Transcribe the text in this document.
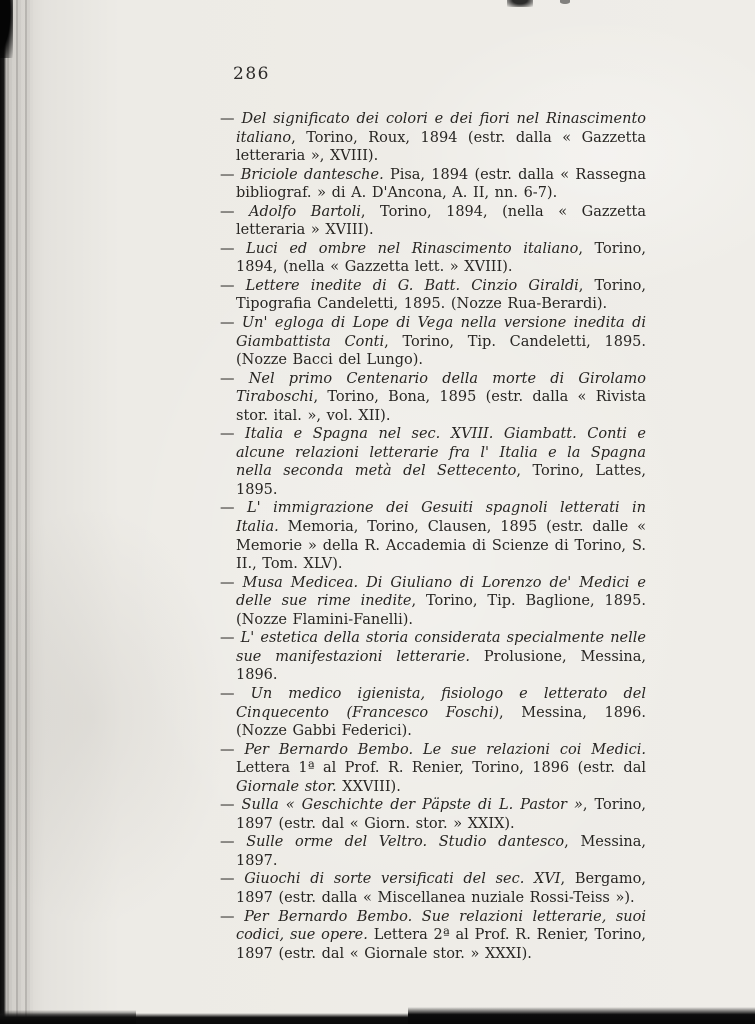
286
— Del significato dei colori e dei fiori nel Rinascimento italiano, Torino, Roux, 1894 (estr. dalla « Gazzetta letteraria », XVIII).
— Briciole dantesche. Pisa, 1894 (estr. dalla « Rassegna bibliograf. » di A. D'Ancona, A. II, nn. 6-7).
— Adolfo Bartoli, Torino, 1894, (nella « Gazzetta letteraria » XVIII).
— Luci ed ombre nel Rinascimento italiano, Torino, 1894, (nella « Gazzetta lett. » XVIII).
— Lettere inedite di G. Batt. Cinzio Giraldi, Torino, Tipografia Candeletti, 1895. (Nozze Rua-Berardi).
— Un' egloga di Lope di Vega nella versione inedita di Giambattista Conti, Torino, Tip. Candeletti, 1895. (Nozze Bacci del Lungo).
— Nel primo Centenario della morte di Girolamo Tiraboschi, Torino, Bona, 1895 (estr. dalla « Rivista stor. ital. », vol. XII).
— Italia e Spagna nel sec. XVIII. Giambatt. Conti e alcune relazioni letterarie fra l' Italia e la Spagna nella seconda metà del Settecento, Torino, Lattes, 1895.
— L' immigrazione dei Gesuiti spagnoli letterati in Italia. Memoria, Torino, Clausen, 1895 (estr. dalle « Memorie » della R. Accademia di Scienze di Torino, S. II., Tom. XLV).
— Musa Medicea. Di Giuliano di Lorenzo de' Medici e delle sue rime inedite, Torino, Tip. Baglione, 1895. (Nozze Flamini-Fanelli).
— L' estetica della storia considerata specialmente nelle sue manifestazioni letterarie. Prolusione, Messina, 1896.
— Un medico igienista, fisiologo e letterato del Cinquecento (Francesco Foschi), Messina, 1896. (Nozze Gabbi Federici).
— Per Bernardo Bembo. Le sue relazioni coi Medici. Lettera 1ª al Prof. R. Renier, Torino, 1896 (estr. dal Giornale stor. XXVIII).
— Sulla « Geschichte der Päpste di L. Pastor », Torino, 1897 (estr. dal « Giorn. stor. » XXIX).
— Sulle orme del Veltro. Studio dantesco, Messina, 1897.
— Giuochi di sorte versificati del sec. XVI, Bergamo, 1897 (estr. dalla « Miscellanea nuziale Rossi-Teiss »).
— Per Bernardo Bembo. Sue relazioni letterarie, suoi codici, sue opere. Lettera 2ª al Prof. R. Renier, Torino, 1897 (estr. dal « Giornale stor. » XXXI).
